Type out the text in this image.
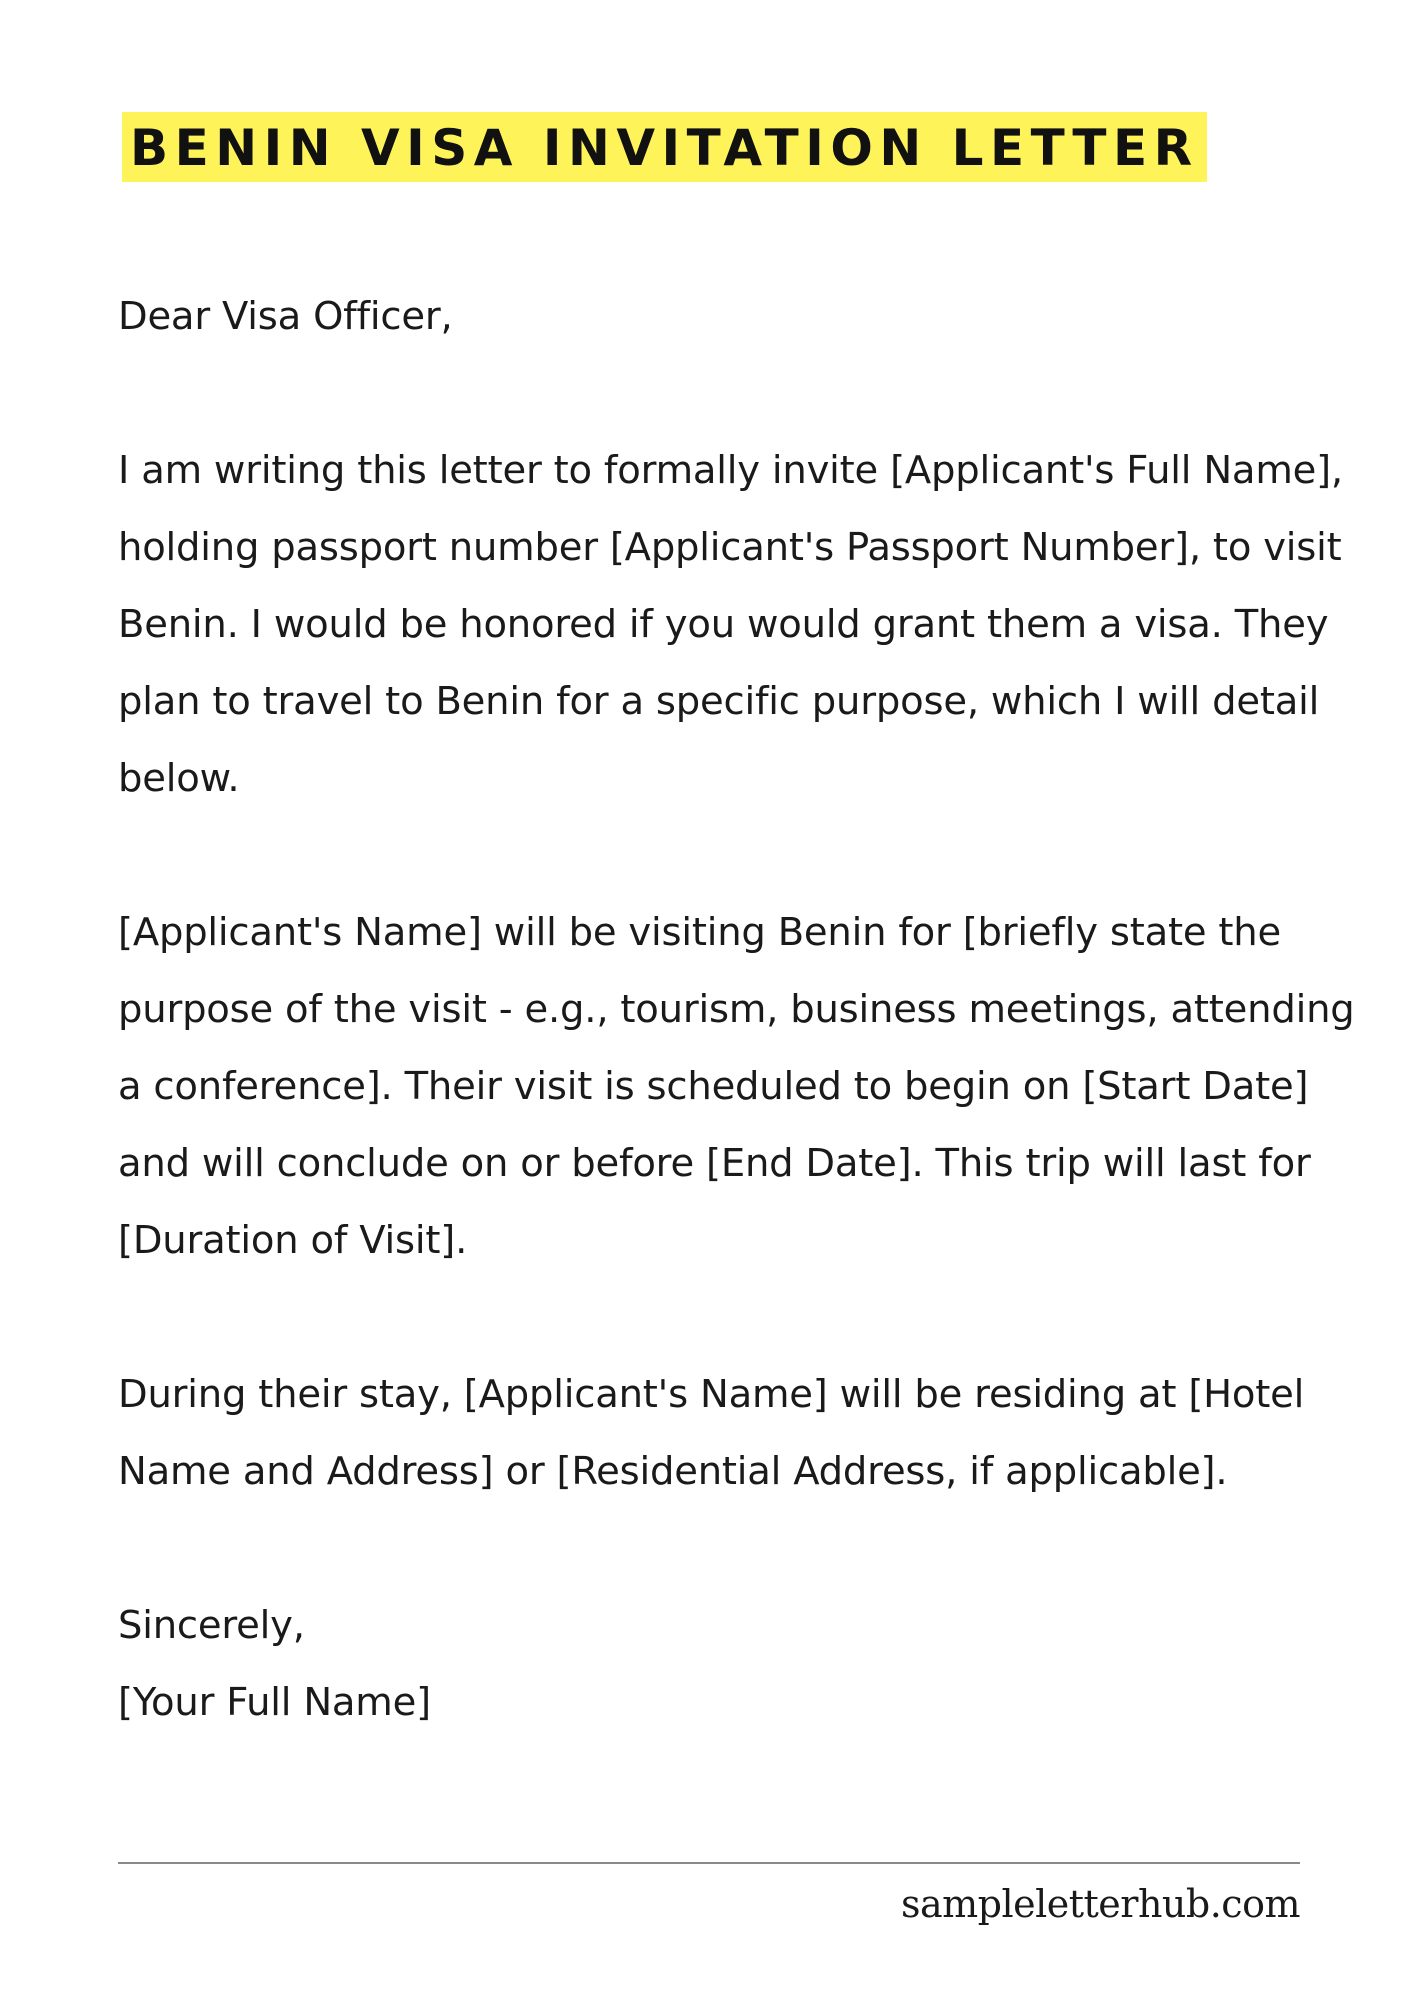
BENIN VISA INVITATION LETTER

Dear Visa Officer,

I am writing this letter to formally invite [Applicant's Full Name], holding passport number [Applicant's Passport Number], to visit Benin. I would be honored if you would grant them a visa. They plan to travel to Benin for a specific purpose, which I will detail below.

[Applicant's Name] will be visiting Benin for [briefly state the purpose of the visit - e.g., tourism, business meetings, attending a conference]. Their visit is scheduled to begin on [Start Date] and will conclude on or before [End Date]. This trip will last for [Duration of Visit].

During their stay, [Applicant's Name] will be residing at [Hotel Name and Address] or [Residential Address, if applicable].

Sincerely,

[Your Full Name]

sampleletterhub.com
